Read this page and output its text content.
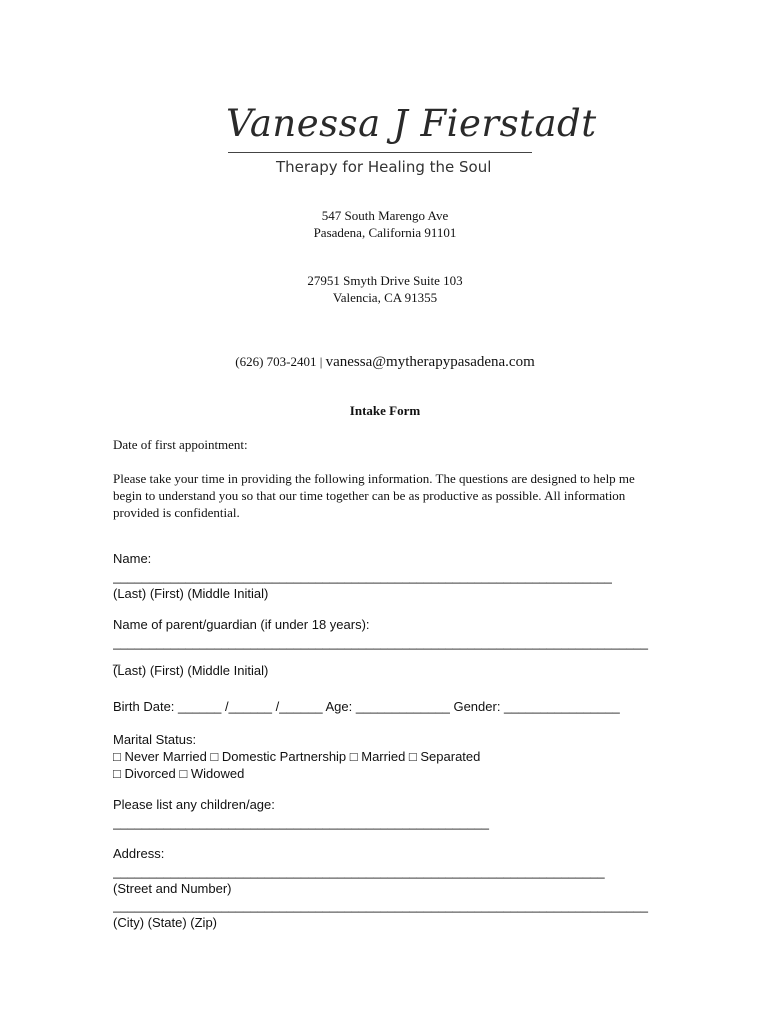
Vanessa J Fierstadt
Therapy for Healing the Soul
547 South Marengo Ave
Pasadena, California 91101
27951 Smyth Drive Suite 103
Valencia, CA 91355
(626) 703-2401 | vanessa@mytherapypasadena.com
Intake Form
Date of first appointment:
Please take your time in providing the following information. The questions are designed to help me begin to understand you so that our time together can be as productive as possible. All information provided is confidential.
Name:
_____________________________________________________________________
(Last) (First) (Middle Initial)
Name of parent/guardian (if under 18 years):
__________________________________________________________________________
_
(Last) (First) (Middle Initial)
Birth Date: ______ /______ /______ Age: _____________ Gender: ________________
Marital Status:
□ Never Married □ Domestic Partnership □ Married □ Separated
□ Divorced □ Widowed
Please list any children/age:
____________________________________________________
Address:
____________________________________________________________________
(Street and Number)
__________________________________________________________________________
(City) (State) (Zip)
